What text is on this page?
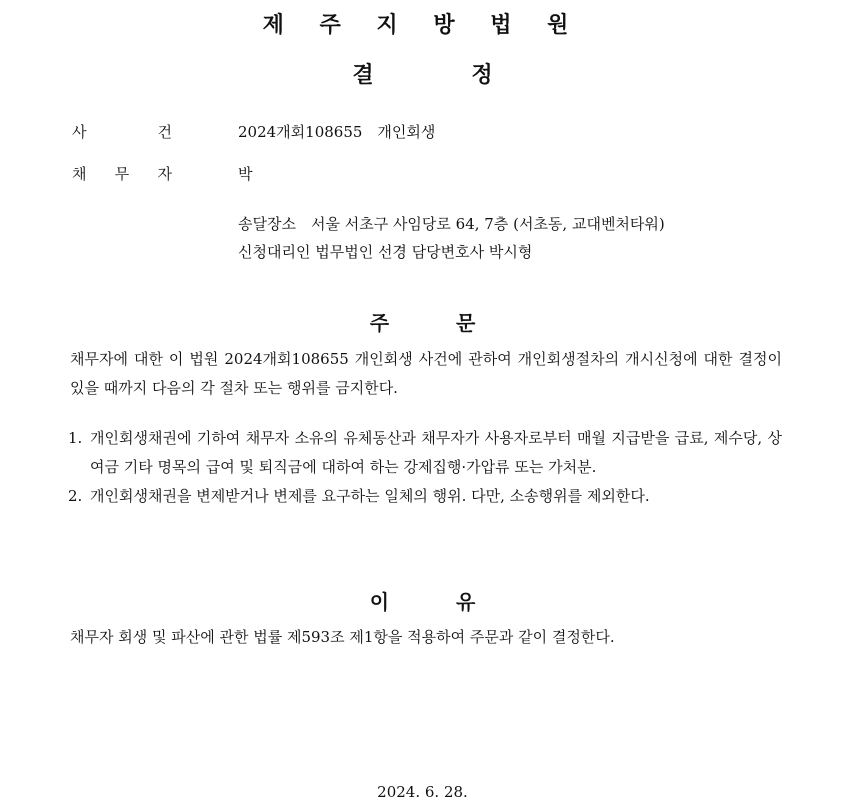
제 주 지 방 법 원
결 정
사	건	2024개회108655　개인회생
채 무 자	박
송달장소　서울 서초구 사임당로 64, 7층 (서초동, 교대벤처타워)
신청대리인 법무법인 선경 담당변호사 박시형
주 문
채무자에 대한 이 법원 2024개회108655 개인회생 사건에 관하여 개인회생절차의 개시신청에 대한 결정이 있을 때까지 다음의 각 절차 또는 행위를 금지한다.
1. 개인회생채권에 기하여 채무자 소유의 유체동산과 채무자가 사용자로부터 매월 지급받을 급료, 제수당, 상여금 기타 명목의 급여 및 퇴직금에 대하여 하는 강제집행·가압류 또는 가처분.
2. 개인회생채권을 변제받거나 변제를 요구하는 일체의 행위. 다만, 소송행위를 제외한다.
이 유
채무자 회생 및 파산에 관한 법률 제593조 제1항을 적용하여 주문과 같이 결정한다.
2024. 6. 28.
